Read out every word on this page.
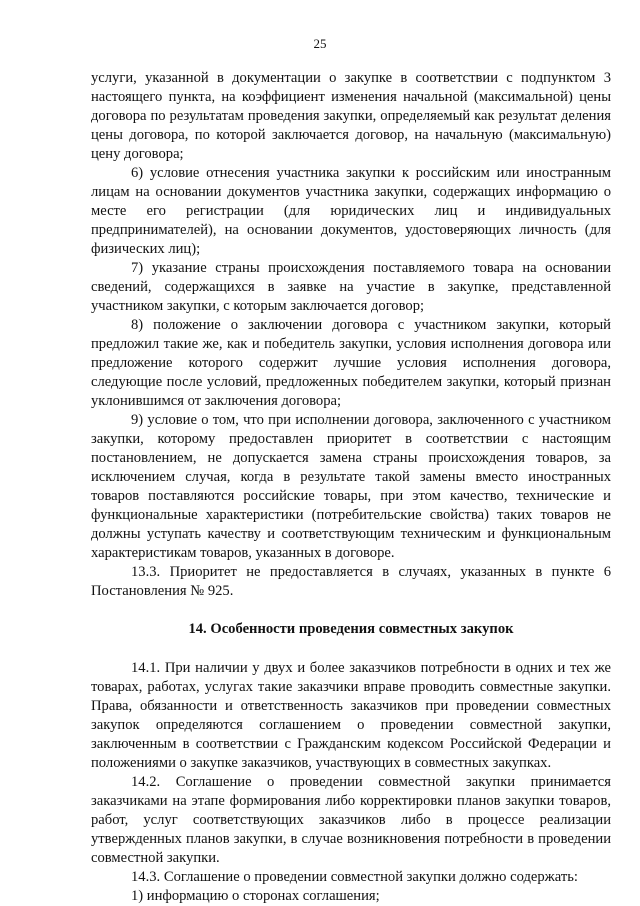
25

услуги, указанной в документации о закупке в соответствии с подпунктом 3 настоящего пункта, на коэффициент изменения начальной (максимальной) цены договора по результатам проведения закупки, определяемый как результат деления цены договора, по которой заключается договор, на начальную (максимальную) цену договора;

6) условие отнесения участника закупки к российским или иностранным лицам на основании документов участника закупки, содержащих информацию о месте его регистрации (для юридических лиц и индивидуальных предпринимателей), на основании документов, удостоверяющих личность (для физических лиц);

7) указание страны происхождения поставляемого товара на основании сведений, содержащихся в заявке на участие в закупке, представленной участником закупки, с которым заключается договор;

8) положение о заключении договора с участником закупки, который предложил такие же, как и победитель закупки, условия исполнения договора или предложение которого содержит лучшие условия исполнения договора, следующие после условий, предложенных победителем закупки, который признан уклонившимся от заключения договора;

9) условие о том, что при исполнении договора, заключенного с участником закупки, которому предоставлен приоритет в соответствии с настоящим постановлением, не допускается замена страны происхождения товаров, за исключением случая, когда в результате такой замены вместо иностранных товаров поставляются российские товары, при этом качество, технические и функциональные характеристики (потребительские свойства) таких товаров не должны уступать качеству и соответствующим техническим и функциональным характеристикам товаров, указанных в договоре.

13.3. Приоритет не предоставляется в случаях, указанных в пункте 6 Постановления № 925.

14. Особенности проведения совместных закупок

14.1. При наличии у двух и более заказчиков потребности в одних и тех же товарах, работах, услугах такие заказчики вправе проводить совместные закупки. Права, обязанности и ответственность заказчиков при проведении совместных закупок определяются соглашением о проведении совместной закупки, заключенным в соответствии с Гражданским кодексом Российской Федерации и положениями о закупке заказчиков, участвующих в совместных закупках.

14.2. Соглашение о проведении совместной закупки принимается заказчиками на этапе формирования либо корректировки планов закупки товаров, работ, услуг соответствующих заказчиков либо в процессе реализации утвержденных планов закупки, в случае возникновения потребности в проведении совместной закупки.

14.3. Соглашение о проведении совместной закупки должно содержать:

1) информацию о сторонах соглашения;
